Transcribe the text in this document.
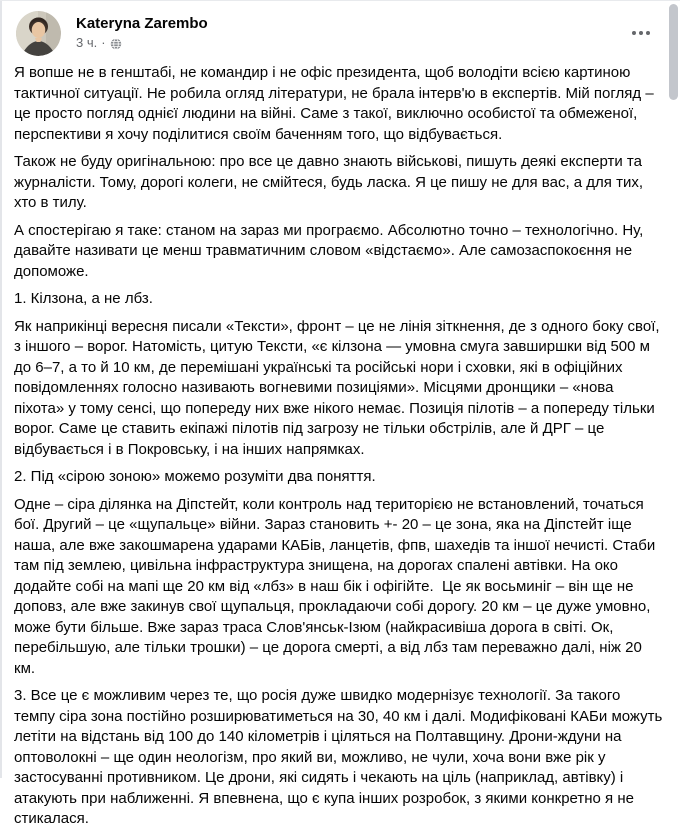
Kateryna Zarembo
3 ч. ·

Я вопше не в генштабі, не командир і не офіс президента, щоб володіти всією картиною тактичної ситуації. Не робила огляд літератури, не брала інтерв'ю в експертів. Мій погляд – це просто погляд однієї людини на війні. Саме з такої, виключно особистої та обмеженої, перспективи я хочу поділитися своїм баченням того, що відбувається.

Також не буду оригінальною: про все це давно знають військові, пишуть деякі експерти та журналісти. Тому, дорогі колеги, не смійтеся, будь ласка. Я це пишу не для вас, а для тих, хто в тилу.

А спостерігаю я таке: станом на зараз ми програємо. Абсолютно точно – технологічно. Ну, давайте називати це менш травматичним словом «відстаємо». Але самозаспокоєння не допоможе.

1. Кілзона, а не лбз.

Як наприкінці вересня писали «Тексти», фронт – це не лінія зіткнення, де з одного боку свої, з іншого – ворог. Натомість, цитую Тексти, «є кілзона — умовна смуга завширшки від 500 м до 6–7, а то й 10 км, де перемішані українські та російські нори і сховки, які в офіційних повідомленнях голосно називають вогневими позиціями». Місцями дронщики – «нова піхота» у тому сенсі, що попереду них вже нікого немає. Позиція пілотів – а попереду тільки ворог. Саме це ставить екіпажі пілотів під загрозу не тільки обстрілів, але й ДРГ – це відбувається і в Покровську, і на інших напрямках.

2. Під «сірою зоною» можемо розуміти два поняття.

Одне – сіра ділянка на Діпстейт, коли контроль над територією не встановлений, точаться бої. Другий – це «щупальце» війни. Зараз становить +- 20 – це зона, яка на Діпстейт іще наша, але вже закошмарена ударами КАБів, ланцетів, фпв, шахедів та іншої нечисті. Стаби там під землею, цивільна інфраструктура знищена, на дорогах спалені автівки. На око додайте собі на мапі ще 20 км від «лбз» в наш бік і офігійте.  Це як восьминіг – він ще не доповз, але вже закинув свої щупальця, прокладаючи собі дорогу. 20 км – це дуже умовно, може бути більше. Вже зараз траса Слов'янськ-Ізюм (найкрасивіша дорога в світі. Ок, перебільшую, але тільки трошки) – це дорога смерті, а від лбз там переважно далі, ніж 20 км.

3. Все це є можливим через те, що росія дуже швидко модернізує технології. За такого темпу сіра зона постійно розширюватиметься на 30, 40 км і далі. Модифіковані КАБи можуть летіти на відстань від 100 до 140 кілометрів і ціляться на Полтавщину. Дрони-ждуни на оптоволокні – ще один неологізм, про який ви, можливо, не чули, хоча вони вже рік у застосуванні противником. Це дрони, які сидять і чекають на ціль (наприклад, автівку) і атакують при наближенні. Я впевнена, що є купа інших розробок, з якими конкретно я не стикалася.
